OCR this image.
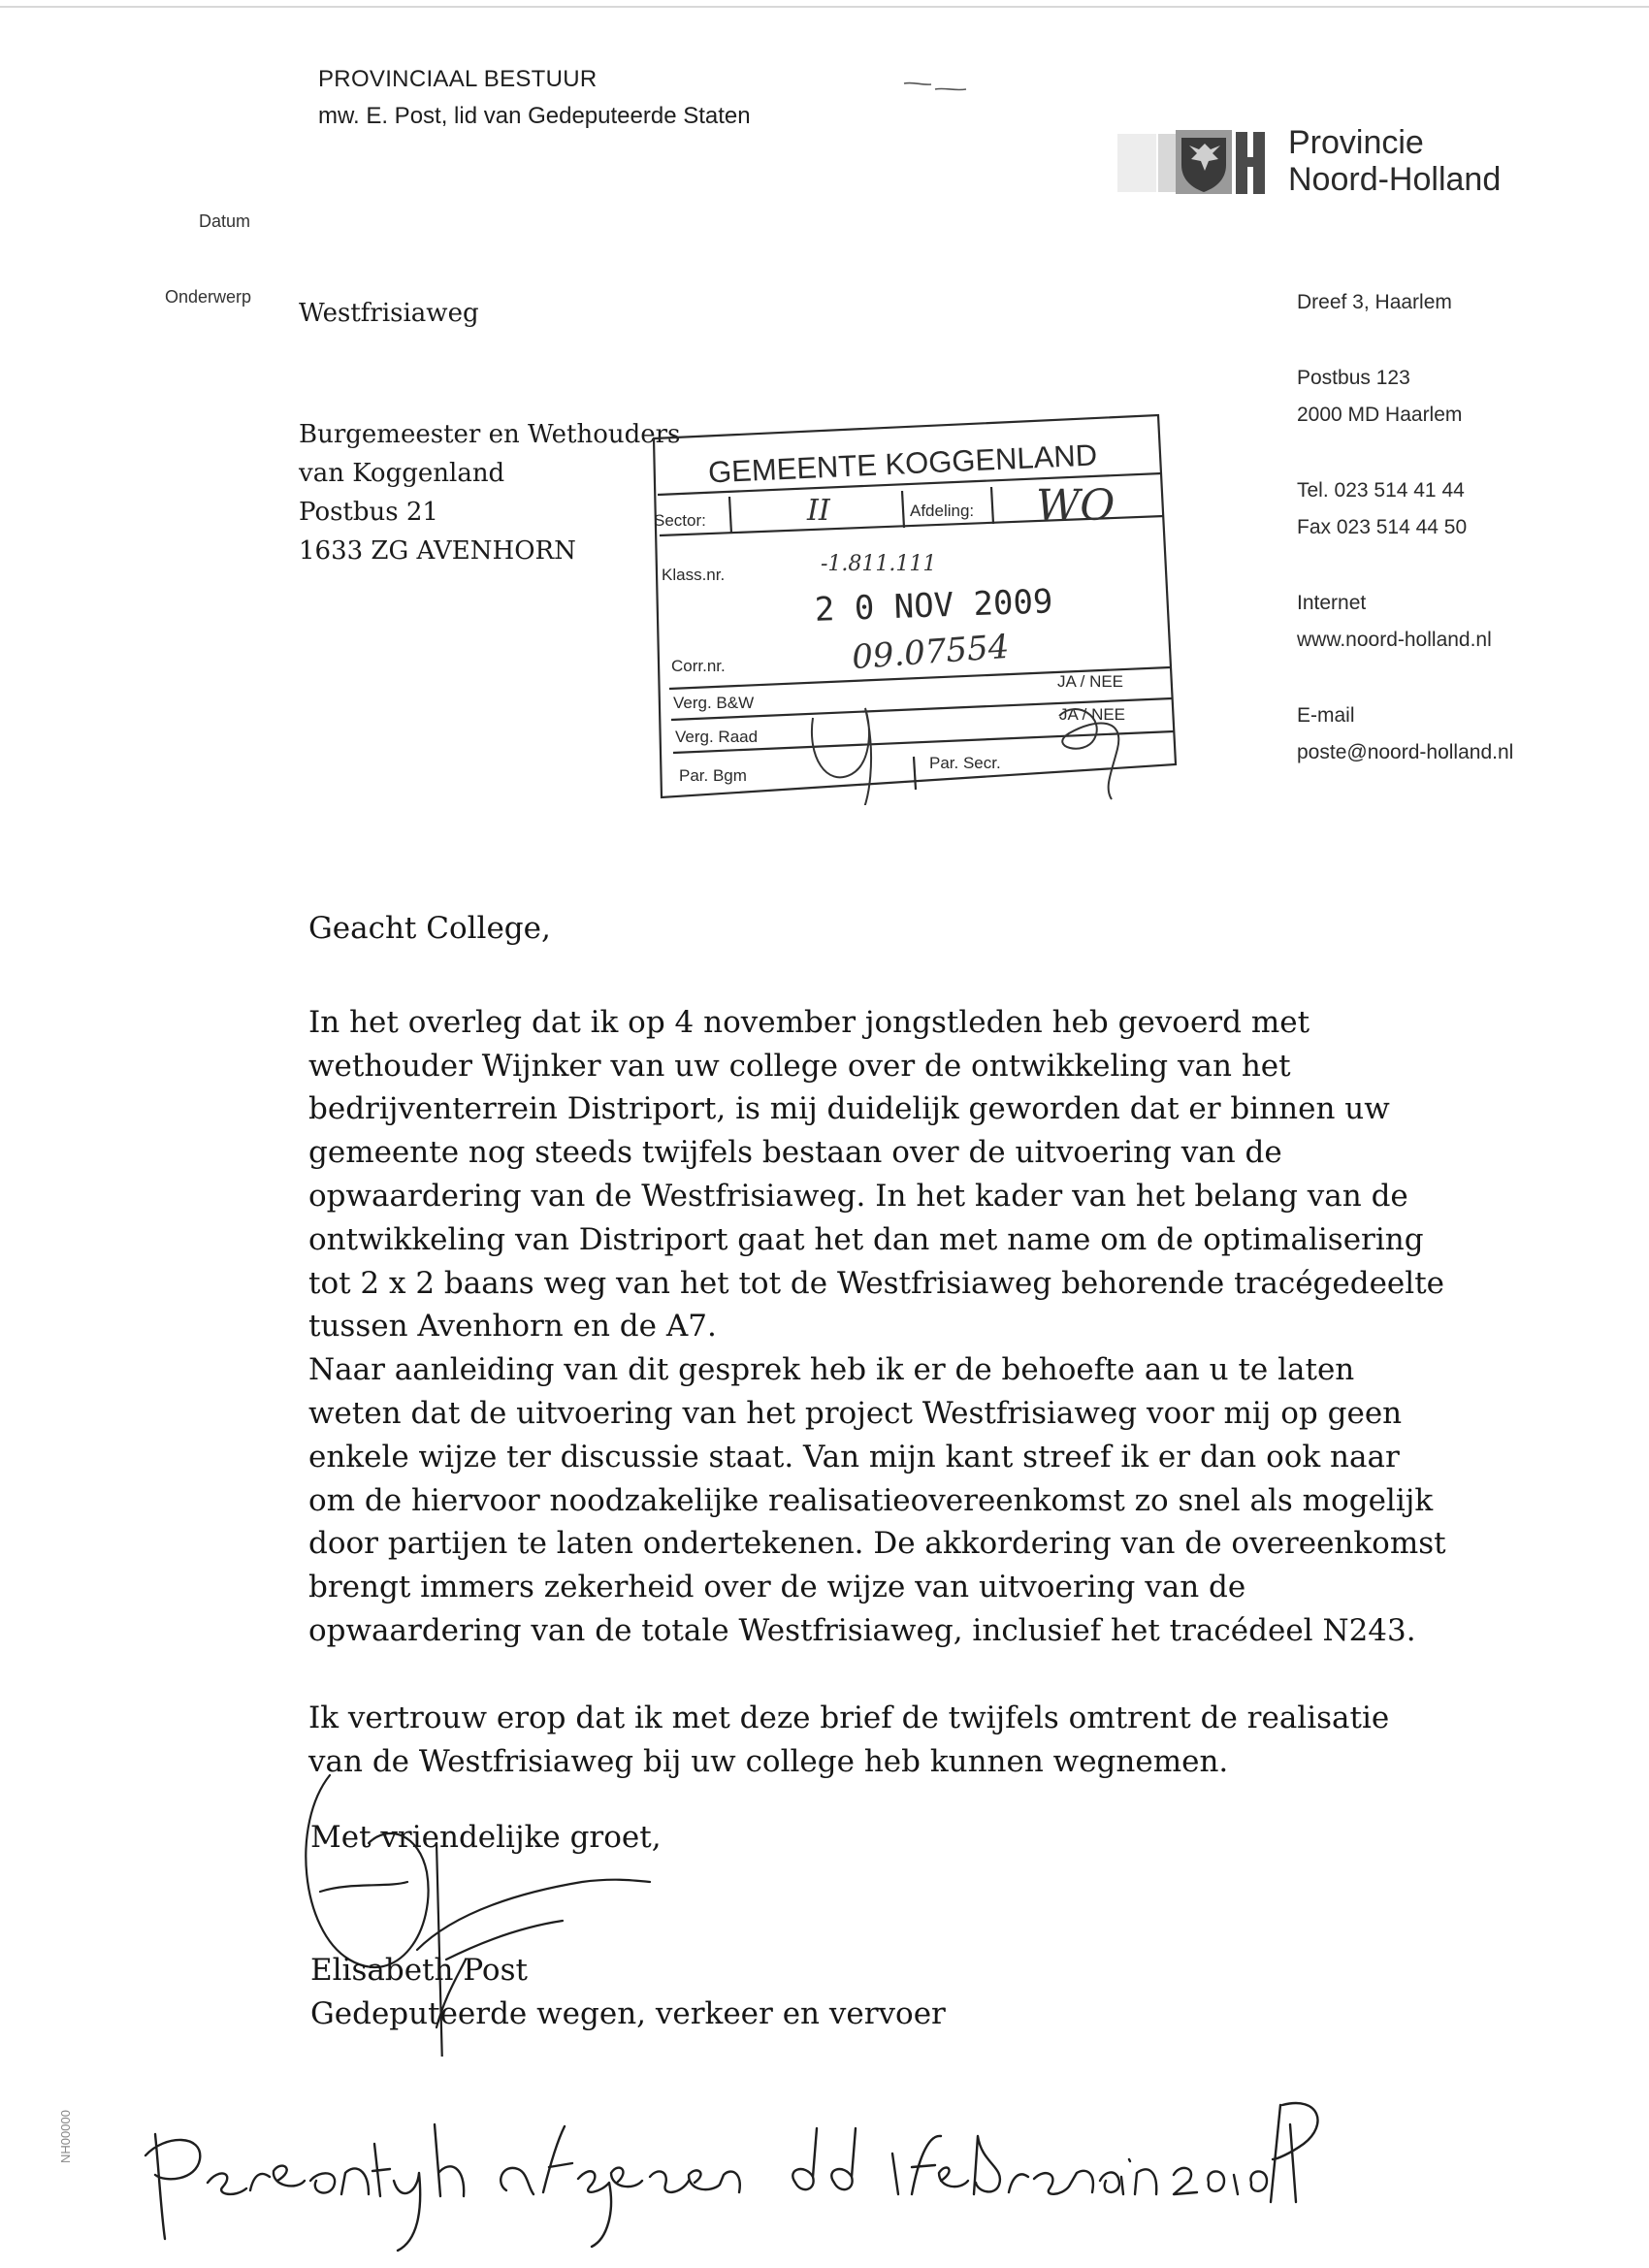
PROVINCIAAL BESTUUR
mw. E. Post, lid van Gedeputeerde Staten
Provincie
Noord-Holland
Datum
Onderwerp
Westfrisiaweg
Burgemeester en Wethouders
van Koggenland
Postbus 21
1633 ZG AVENHORN
Dreef 3, Haarlem
Postbus 123
2000 MD Haarlem
Tel. 023 514 41 44
Fax 023 514 44 50
Internet
www.noord-holland.nl
E-mail
poste@noord-holland.nl
GEMEENTE KOGGENLAND
Sector:	II	Afdeling: WO
Klass.nr.	-1.811.111
2 0 NOV 2009
Corr.nr.	09.07554
JA / NEE
Verg. B&W
JA / NEE
Verg. Raad
Par. Bgm
Par. Secr.

Geacht College,

In het overleg dat ik op 4 november jongstleden heb gevoerd met

wethouder Wijnker van uw college over de ontwikkeling van het

bedrijventerrein Distriport, is mij duidelijk geworden dat er binnen uw

gemeente nog steeds twijfels bestaan over de uitvoering van de

opwaardering van de Westfrisiaweg. In het kader van het belang van de

ontwikkeling van Distriport gaat het dan met name om de optimalisering

tot 2 x 2 baans weg van het tot de Westfrisiaweg behorende tracégedeelte

tussen Avenhorn en de A7.

Naar aanleiding van dit gesprek heb ik er de behoefte aan u te laten

weten dat de uitvoering van het project Westfrisiaweg voor mij op geen

enkele wijze ter discussie staat. Van mijn kant streef ik er dan ook naar

om de hiervoor noodzakelijke realisatieovereenkomst zo snel als mogelijk

door partijen te laten ondertekenen. De akkordering van de overeenkomst

brengt immers zekerheid over de wijze van uitvoering van de

opwaardering van de totale Westfrisiaweg, inclusief het tracédeel N243.

Ik vertrouw erop dat ik met deze brief de twijfels omtrent de realisatie

van de Westfrisiaweg bij uw college heb kunnen wegnemen.

Met vriendelijke groet,
Elisabeth Post
Gedeputeerde wegen, verkeer en vervoer
NH00000
